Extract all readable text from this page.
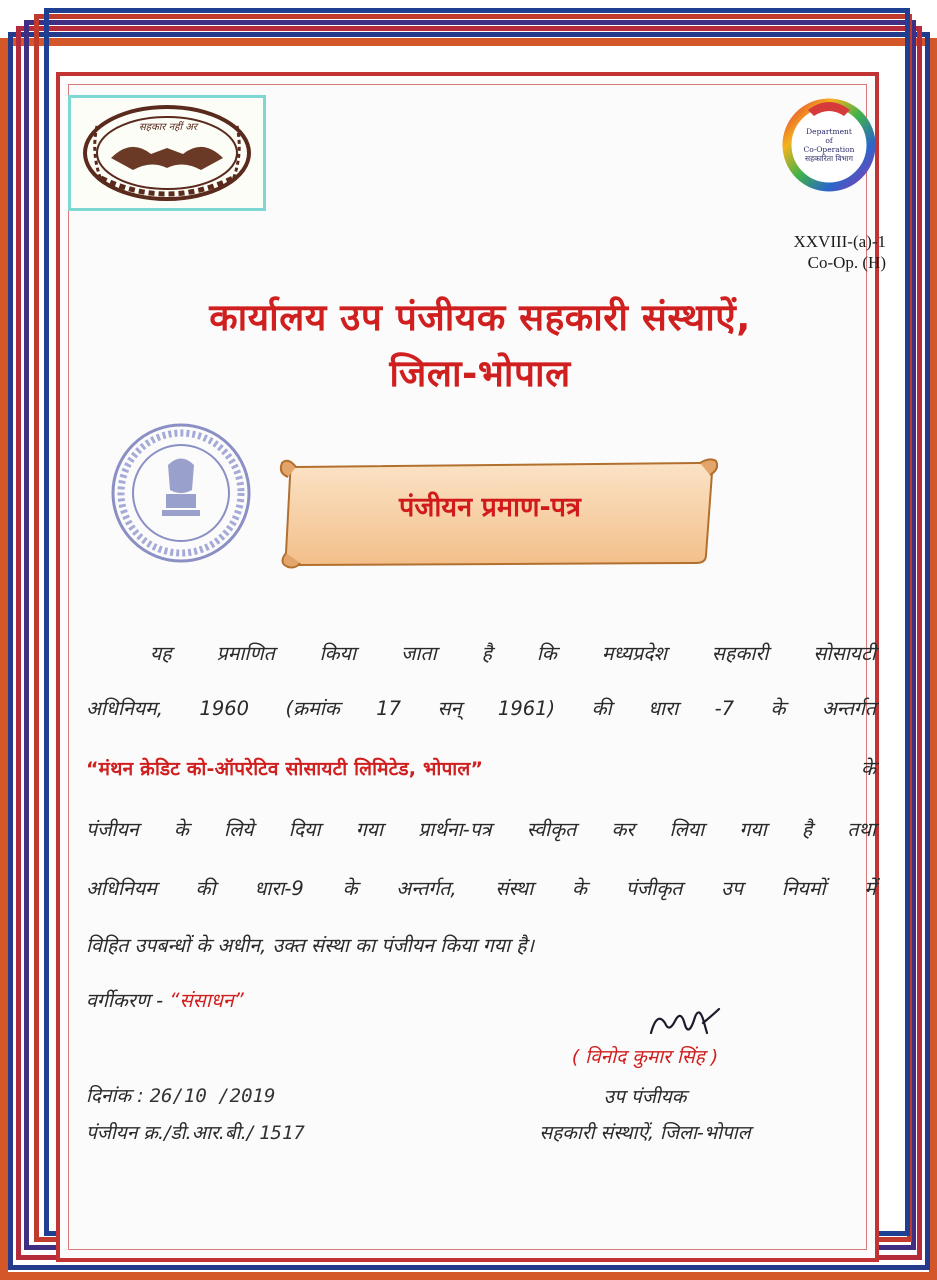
सहकार नहीं अर	Department
of
Co-Operation
सहकारिता विभाग
XXVIII-(a)-1
Co-Op. (H)
कार्यालय उप पंजीयक सहकारी संस्थाऐं,
जिला-भोपाल
पंजीयन प्रमाण-पत्र
यह प्रमाणित किया जाता है कि मध्यप्रदेश सहकारी सोसायटी
अधिनियम, 1960 (क्रमांक 17 सन् 1961) की धारा -7 के अन्तर्गत
“मंथन क्रेडिट को-ऑपरेटिव सोसायटी लिमिटेड, भोपाल”	के
पंजीयन के लिये दिया गया प्रार्थना-पत्र स्वीकृत कर लिया गया है तथा
अधिनियम की धारा-9 के अन्तर्गत, संस्था के पंजीकृत उप नियमों में
विहित उपबन्धों के अधीन, उक्त संस्था का पंजीयन किया गया है।
वर्गीकरण - “संसाधन”
( विनोद कुमार सिंह )
उप पंजीयक
सहकारी संस्थाऐं, जिला-भोपाल
दिनांक : 26/10 /2019
पंजीयन क्र./डी.आर.बी./ 1517
